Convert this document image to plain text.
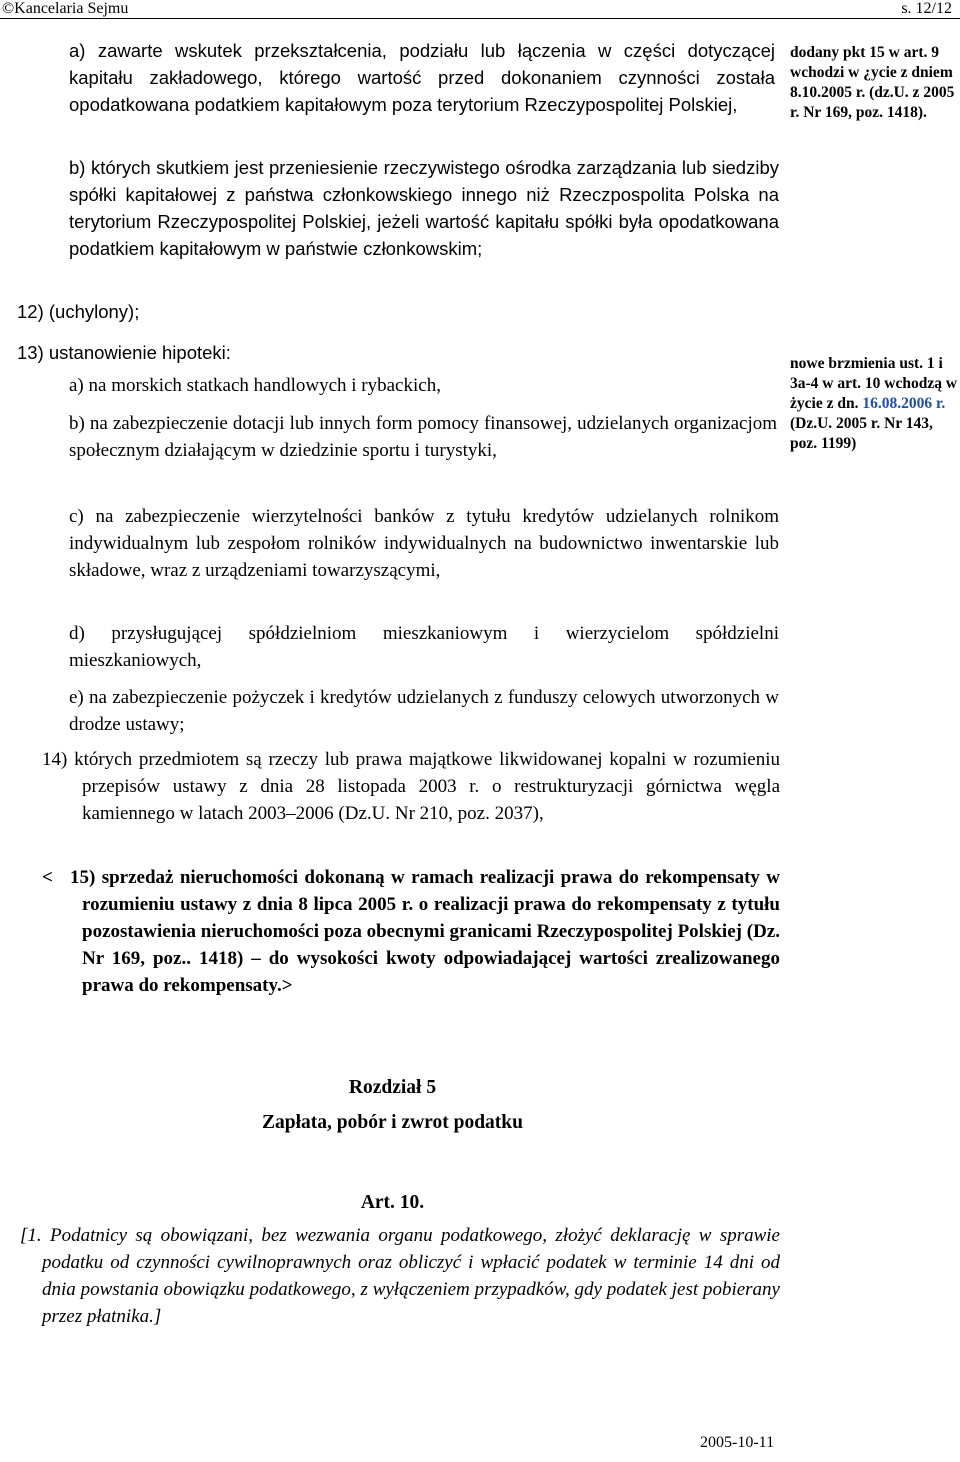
©Kancelaria Sejmu	s. 12/12

a) zawarte wskutek przekształcenia, podziału lub łączenia w części dotyczącej kapitału zakładowego, którego wartość przed dokonaniem czynności została opodatkowana podatkiem kapitałowym poza terytorium Rzeczypospolitej Polskiej,

b) których skutkiem jest przeniesienie rzeczywistego ośrodka zarządzania lub siedziby spółki kapitałowej z państwa członkowskiego innego niż Rzeczpospolita Polska na terytorium Rzeczypospolitej Polskiej, jeżeli wartość kapitału spółki była opodatkowana podatkiem kapitałowym w państwie członkowskim;

12) (uchylony);

13) ustanowienie hipoteki:

a) na morskich statkach handlowych i rybackich,

b) na zabezpieczenie dotacji lub innych form pomocy finansowej, udzielanych organizacjom społecznym działającym w dziedzinie sportu i turystyki,

c) na zabezpieczenie wierzytelności banków z tytułu kredytów udzielanych rolnikom indywidualnym lub zespołom rolników indywidualnych na budownictwo inwentarskie lub składowe, wraz z urządzeniami towarzyszącymi,

d) przysługującej spółdzielniom mieszkaniowym i wierzycielom spółdzielni mieszkaniowych,

e) na zabezpieczenie pożyczek i kredytów udzielanych z funduszy celowych utworzonych w drodze ustawy;

14) których przedmiotem są rzeczy lub prawa majątkowe likwidowanej kopalni w rozumieniu przepisów ustawy z dnia 28 listopada 2003 r. o restrukturyzacji górnictwa węgla kamiennego w latach 2003–2006 (Dz.U. Nr 210, poz. 2037),

< 15) sprzedaż nieruchomości dokonaną w ramach realizacji prawa do rekompensaty w rozumieniu ustawy z dnia 8 lipca 2005 r. o realizacji prawa do rekompensaty z tytułu pozostawienia nieruchomości poza obecnymi granicami Rzeczypospolitej Polskiej (Dz. Nr 169, poz.. 1418) – do wysokości kwoty odpowiadającej wartości zrealizowanego prawa do rekompensaty.>

Rozdział 5
Zapłata, pobór i zwrot podatku
Art. 10.

[1. Podatnicy są obowiązani, bez wezwania organu podatkowego, złożyć deklarację w sprawie podatku od czynności cywilnoprawnych oraz obliczyć i wpłacić podatek w terminie 14 dni od dnia powstania obowiązku podatkowego, z wyłączeniem przypadków, gdy podatek jest pobierany przez płatnika.]

dodany pkt 15 w art. 9 wchodzi w ¿ycie z dniem 8.10.2005 r. (dz.U. z 2005 r. Nr 169, poz. 1418).
nowe brzmienia ust. 1 i 3a-4 w art. 10 wchodzą w życie z dn. 16.08.2006 r. (Dz.U. 2005 r. Nr 143, poz. 1199)
2005-10-11
